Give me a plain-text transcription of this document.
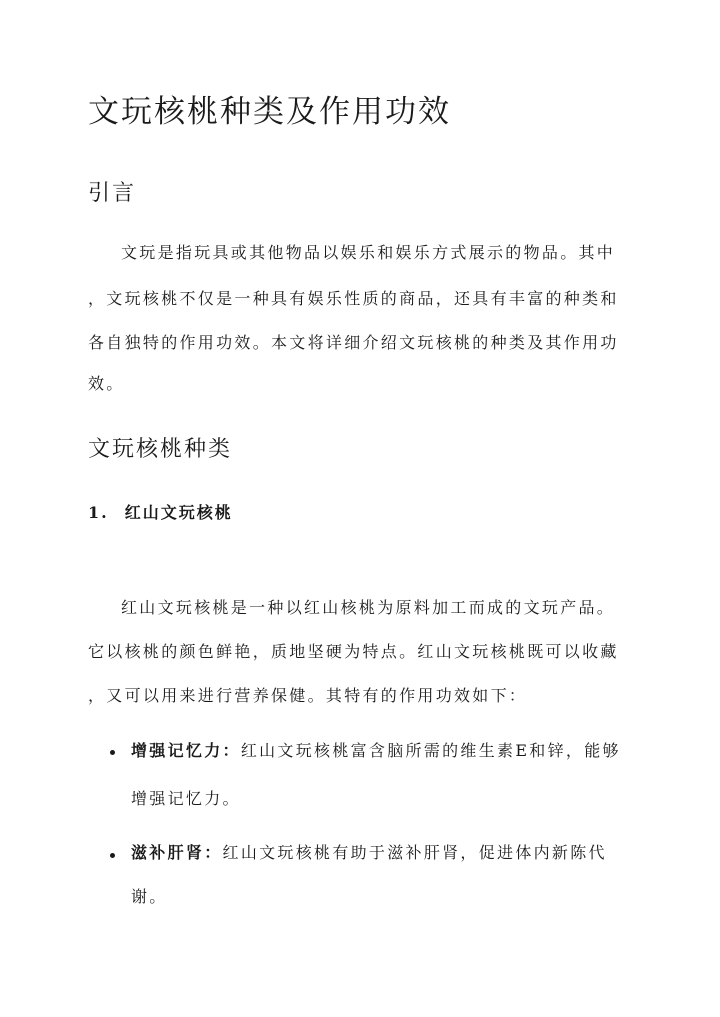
文玩核桃种类及作用功效
引言

文玩是指玩具或其他物品以娱乐和娱乐方式展示的物品。其中

，文玩核桃不仅是一种具有娱乐性质的商品，还具有丰富的种类和

各自独特的作用功效。本文将详细介绍文玩核桃的种类及其作用功

效。

文玩核桃种类
1. 红山文玩核桃

红山文玩核桃是一种以红山核桃为原料加工而成的文玩产品。

它以核桃的颜色鲜艳，质地坚硬为特点。红山文玩核桃既可以收藏

，又可以用来进行营养保健。其特有的作用功效如下：

增强记忆力：红山文玩核桃富含脑所需的维生素E和锌，能够

增强记忆力。

滋补肝肾：红山文玩核桃有助于滋补肝肾，促进体内新陈代

谢。
